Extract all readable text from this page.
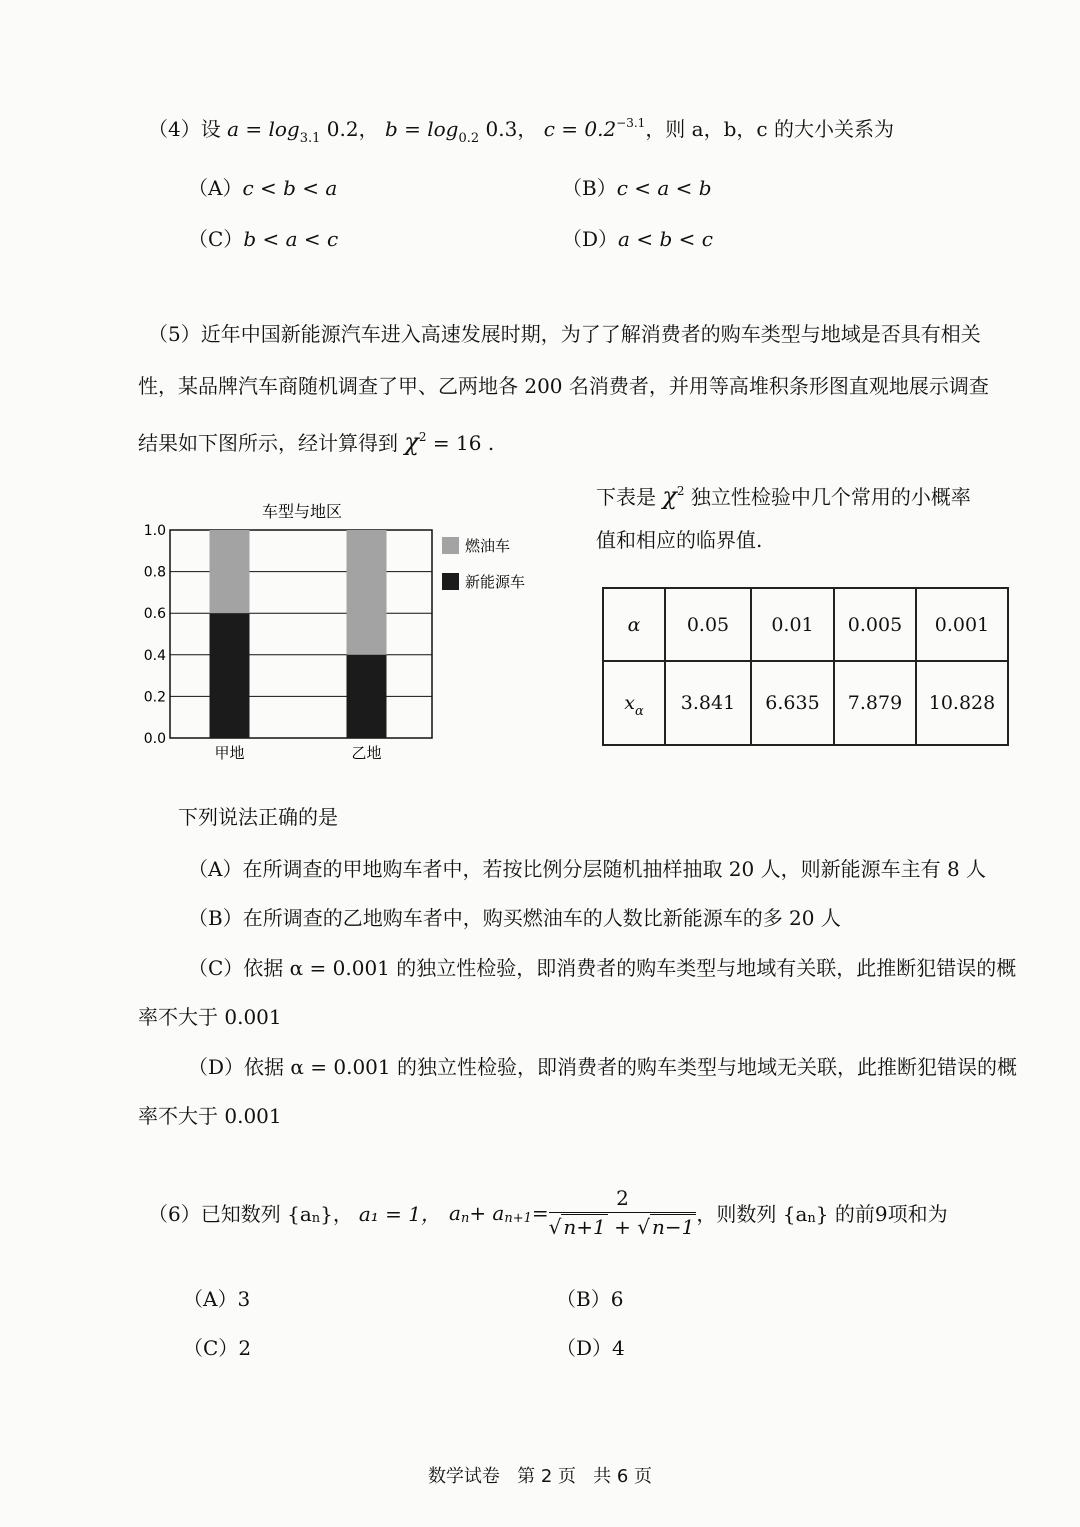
（4）设 $a = \log_{3.1} 0.2$， $b = \log_{0.2} 0.3$， $c = 0.2^{-3.1}$，则 a，b，c 的大小关系为
（A）c < b < a	（B）c < a < b
（C）b < a < c	（D）a < b < c
（5）近年中国新能源汽车进入高速发展时期，为了了解消费者的购车类型与地域是否具有相关
性，某品牌汽车商随机调查了甲、乙两地各 200 名消费者，并用等高堆积条形图直观地展示调查
结果如下图所示，经计算得到 $\chi^2 = 16$ .
车型与地区
0.0
0.2
0.4
0.6
0.8
1.0
甲地	乙地
燃油车
新能源车
下表是 $\chi^2$ 独立性检验中几个常用的小概率
值和相应的临界值.
α	0.05	0.01	0.005	0.001
$x_\alpha$	3.841	6.635	7.879	10.828
下列说法正确的是
（A）在所调查的甲地购车者中，若按比例分层随机抽样抽取 20 人，则新能源车主有 8 人
（B）在所调查的乙地购车者中，购买燃油车的人数比新能源车的多 20 人
（C）依据 α = 0.001 的独立性检验，即消费者的购车类型与地域有关联，此推断犯错误的概
率不大于 0.001
（D）依据 α = 0.001 的独立性检验，即消费者的购车类型与地域无关联，此推断犯错误的概
率不大于 0.001
（6） 已知数列 {a n }， a₁ = 1， a n + a $n+1 = \frac{2}{√ n+1 + √ n-1}$ ，则数列 {a n } 的前9项和为
（A）3	（B）6
（C）2	（D）4
数学试卷   第 2 页   共 6 页
